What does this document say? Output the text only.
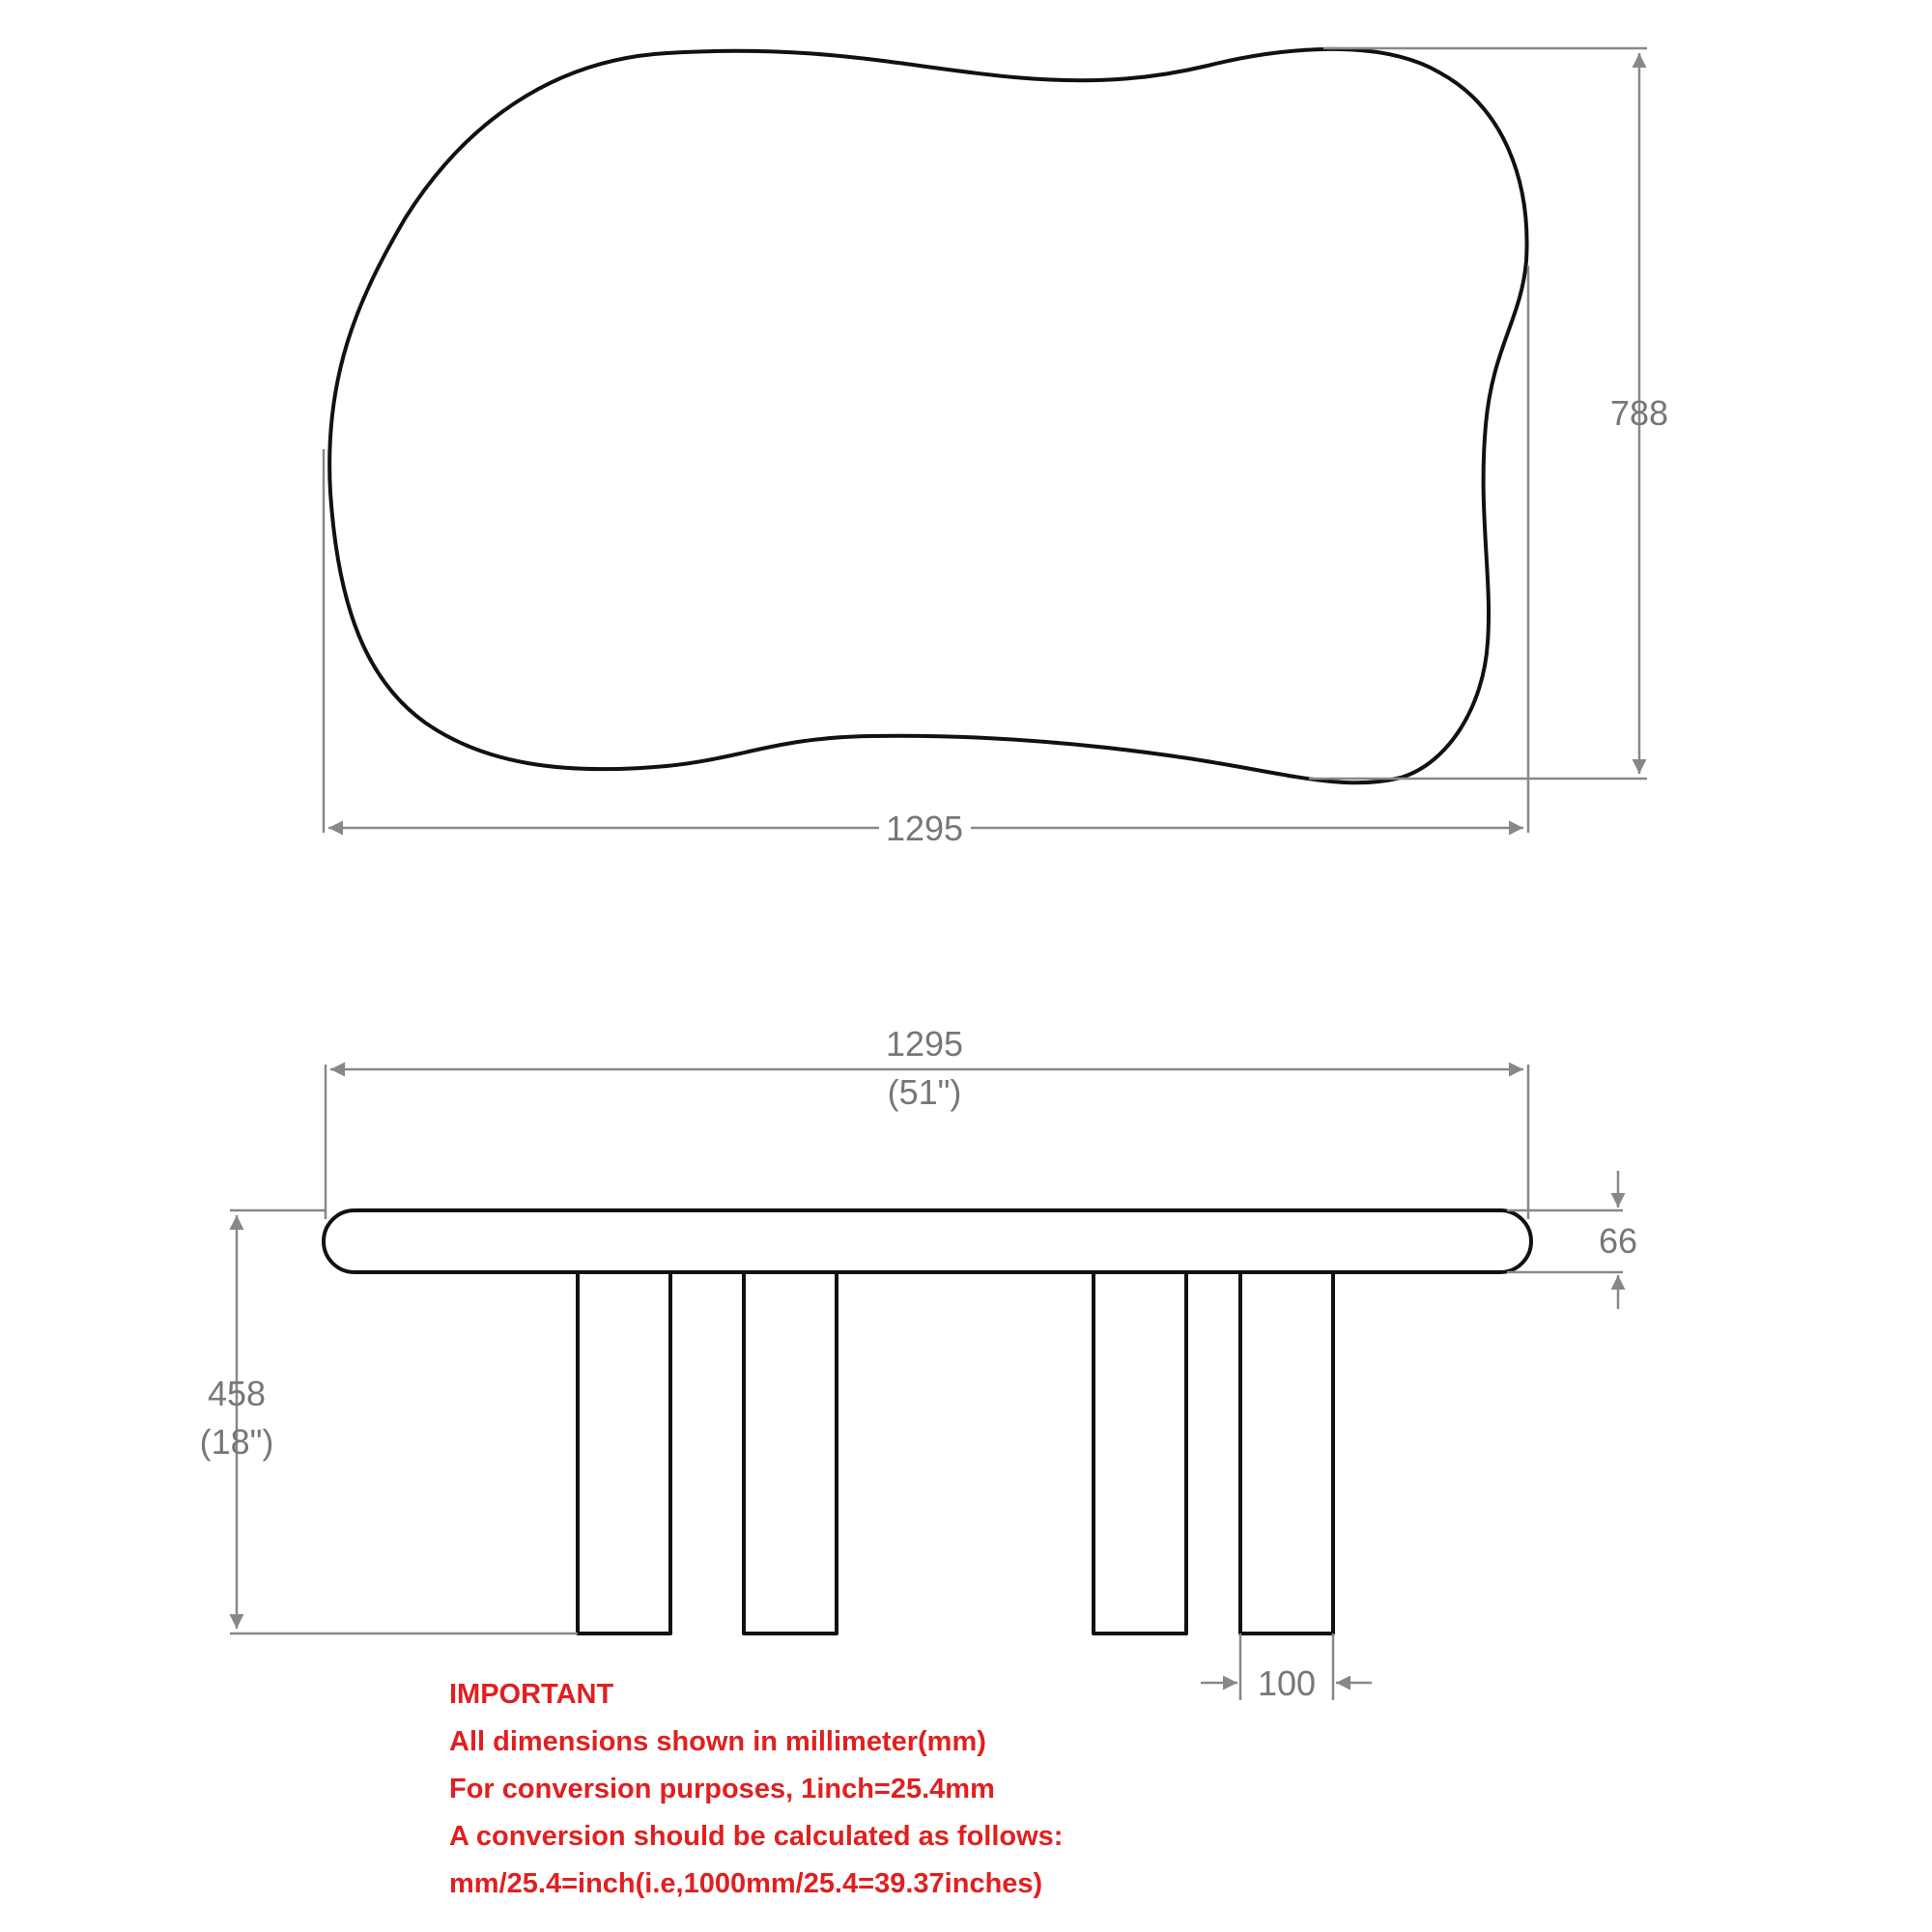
1295
788
1295
(51")
66
458
(18")
100
IMPORTANT
All dimensions shown in millimeter(mm)
For conversion purposes, 1inch=25.4mm
A conversion should be calculated as follows:
mm/25.4=inch(i.e,1000mm/25.4=39.37inches)
